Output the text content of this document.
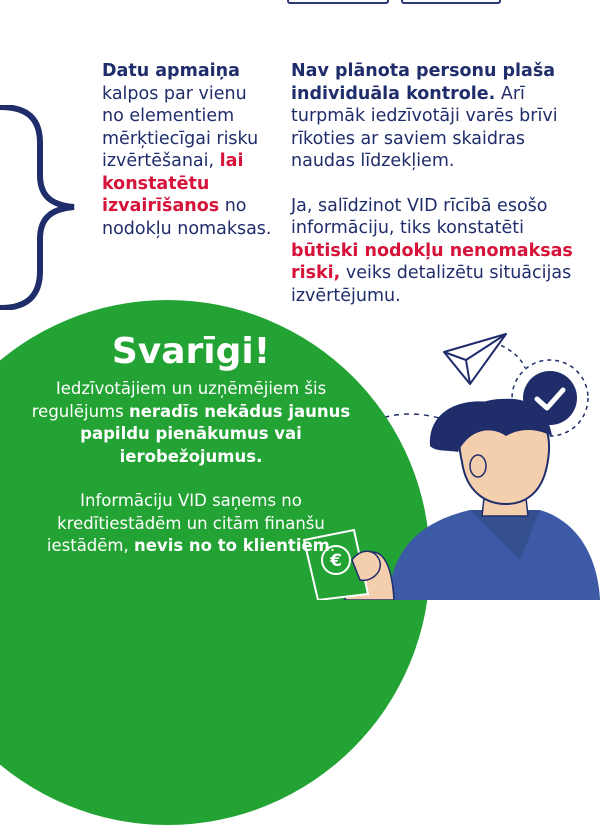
Datu apmaiņa kalpos par vienu no elementiem mērķtiecīgai risku izvērtēšanai, lai konstatētu izvairīšanos no nodokļu nomaksas.
Nav plānota personu plaša individuāla kontrole. Arī turpmāk iedzīvotāji varēs brīvi rīkoties ar saviem skaidras naudas līdzekļiem.
Ja, salīdzinot VID rīcībā esošo informāciju, tiks konstatēti būtiski nodokļu nenomaksas riski, veiks detalizētu situācijas izvērtējumu.
€
Svarīgi!
Iedzīvotājiem un uzņēmējiem šis regulējums neradīs nekādus jaunus papildu pienākumus vai ierobežojumus.
Informāciju VID saņems no kredītiestādēm un citām finanšu iestādēm, nevis no to klientiem.
